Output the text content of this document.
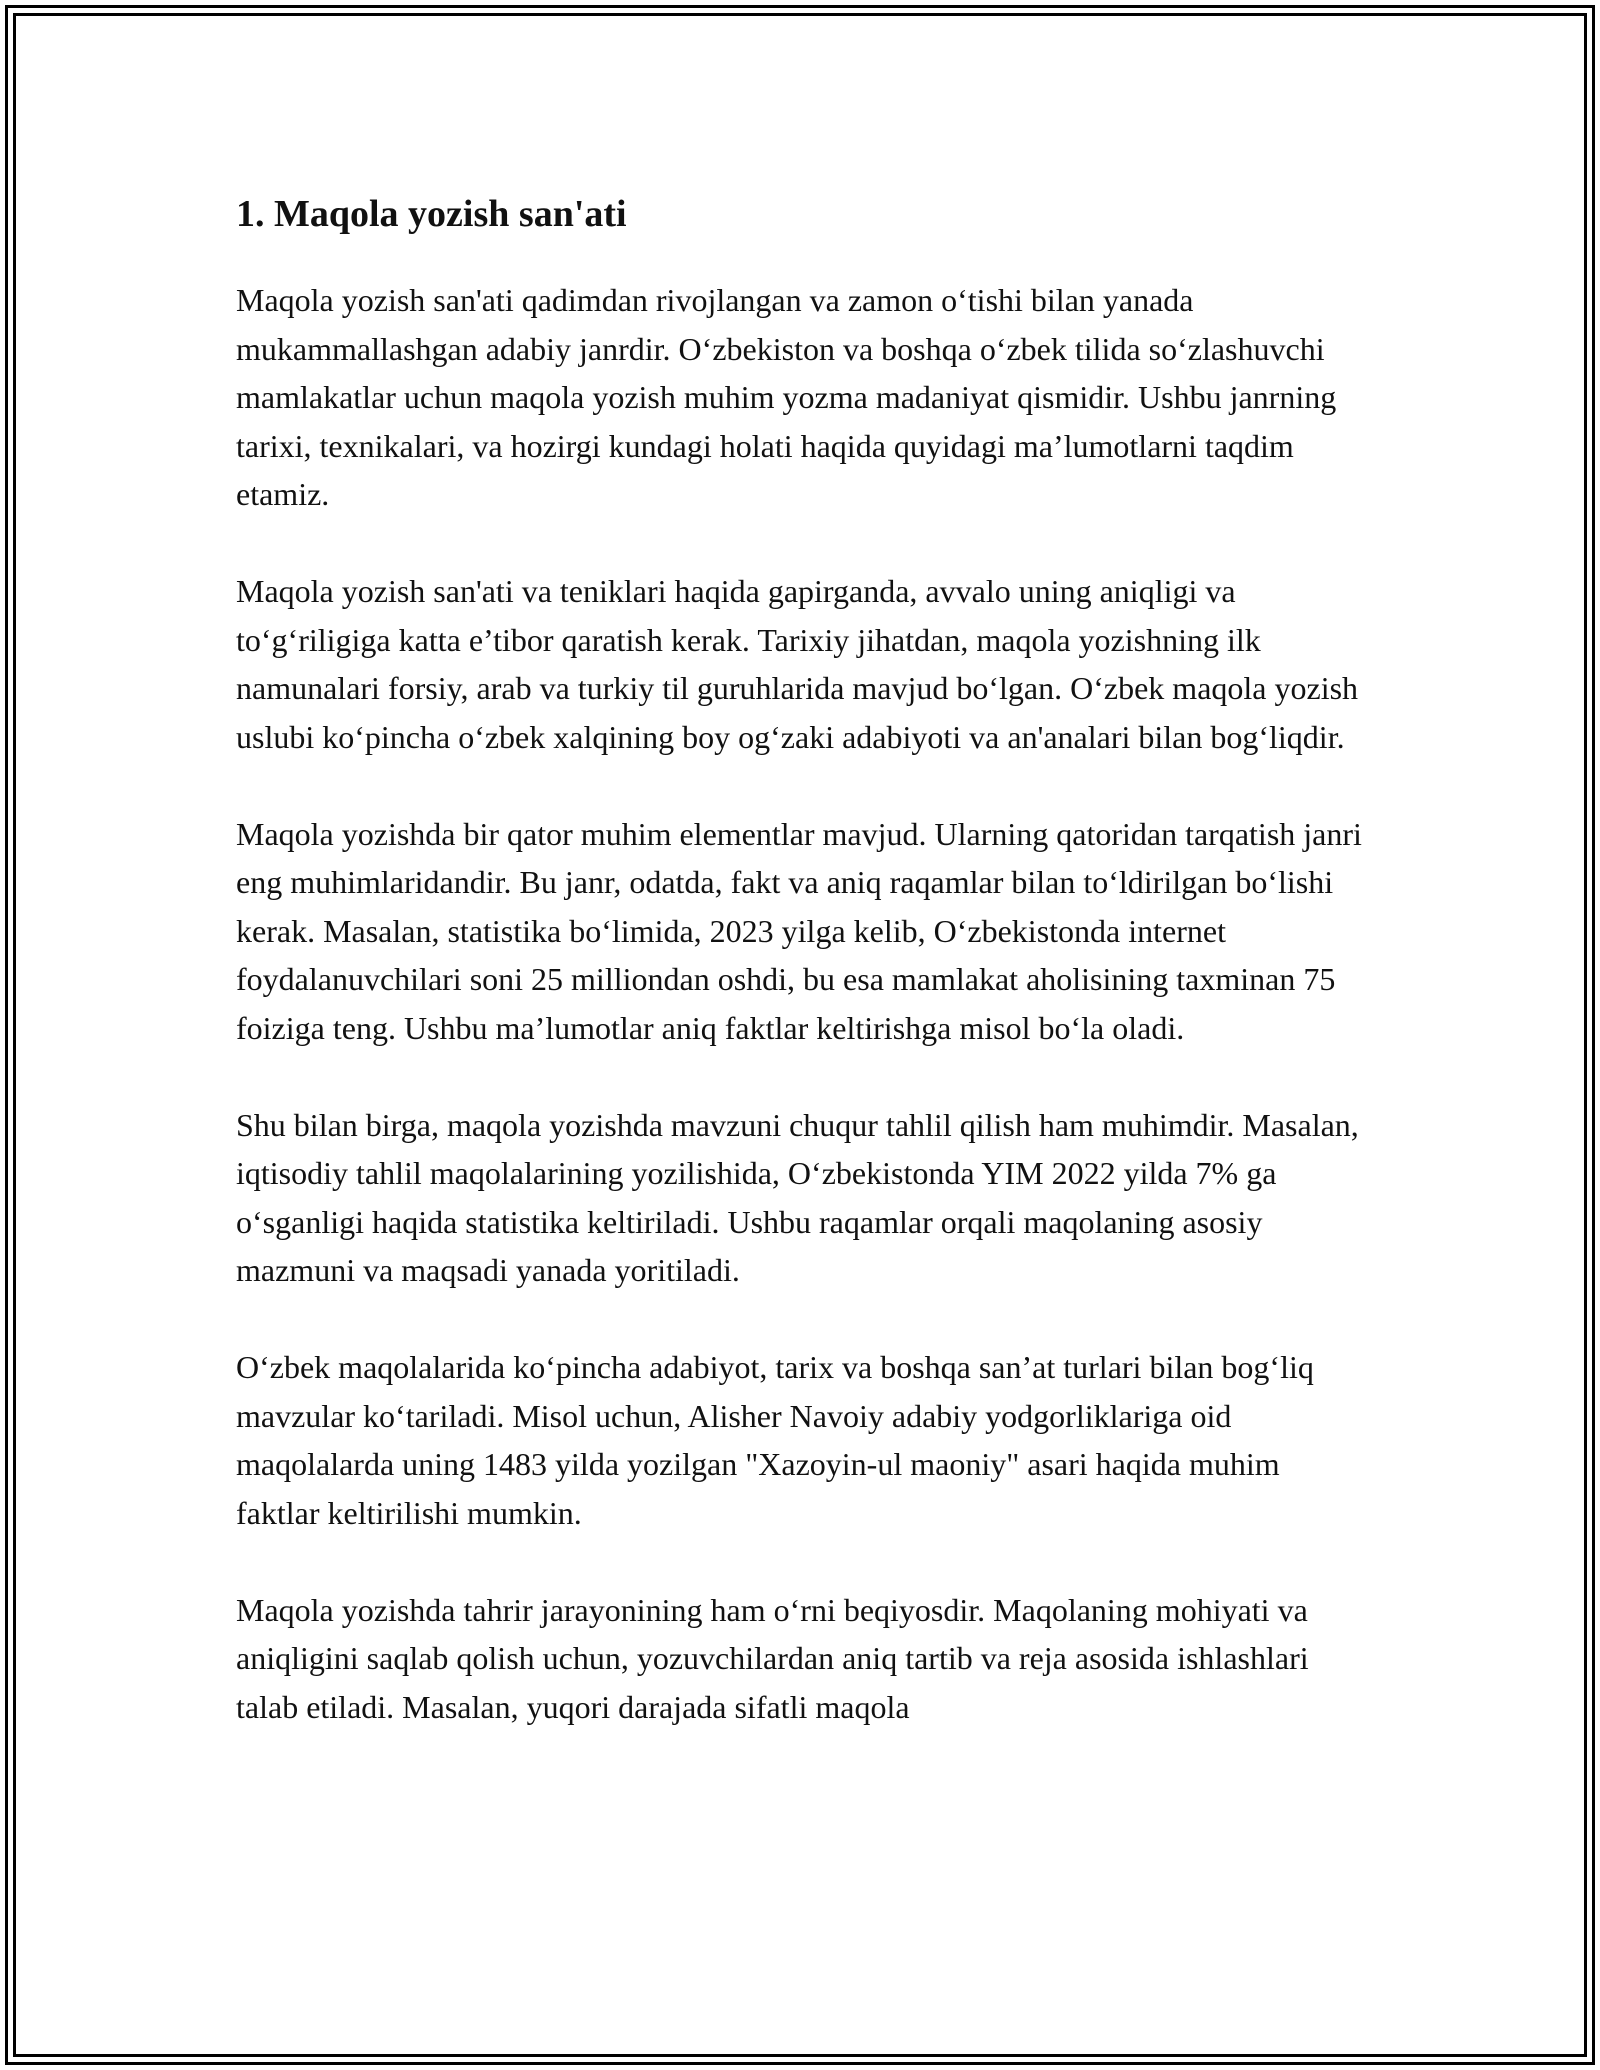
1. Maqola yozish san'ati

Maqola yozish san'ati qadimdan rivojlangan va zamon o‘tishi bilan yanada mukammallashgan adabiy janrdir. O‘zbekiston va boshqa o‘zbek tilida so‘zlashuvchi mamlakatlar uchun maqola yozish muhim yozma madaniyat qismidir. Ushbu janrning tarixi, texnikalari, va hozirgi kundagi holati haqida quyidagi ma’lumotlarni taqdim etamiz.

Maqola yozish san'ati va teniklari haqida gapirganda, avvalo uning aniqligi va to‘g‘riligiga katta e’tibor qaratish kerak. Tarixiy jihatdan, maqola yozishning ilk namunalari forsiy, arab va turkiy til guruhlarida mavjud bo‘lgan. O‘zbek maqola yozish uslubi ko‘pincha o‘zbek xalqining boy og‘zaki adabiyoti va an'analari bilan bog‘liqdir.

Maqola yozishda bir qator muhim elementlar mavjud. Ularning qatoridan tarqatish janri eng muhimlaridandir. Bu janr, odatda, fakt va aniq raqamlar bilan to‘ldirilgan bo‘lishi kerak. Masalan, statistika bo‘limida, 2023 yilga kelib, O‘zbekistonda internet foydalanuvchilari soni 25 milliondan oshdi, bu esa mamlakat aholisining taxminan 75 foiziga teng. Ushbu ma’lumotlar aniq faktlar keltirishga misol bo‘la oladi.

Shu bilan birga, maqola yozishda mavzuni chuqur tahlil qilish ham muhimdir. Masalan, iqtisodiy tahlil maqolalarining yozilishida, O‘zbekistonda YIM 2022 yilda 7% ga o‘sganligi haqida statistika keltiriladi. Ushbu raqamlar orqali maqolaning asosiy mazmuni va maqsadi yanada yoritiladi.

O‘zbek maqolalarida ko‘pincha adabiyot, tarix va boshqa san’at turlari bilan bog‘liq mavzular ko‘tariladi. Misol uchun, Alisher Navoiy adabiy yodgorliklariga oid maqolalarda uning 1483 yilda yozilgan "Xazoyin-ul maoniy" asari haqida muhim faktlar keltirilishi mumkin.

Maqola yozishda tahrir jarayonining ham o‘rni beqiyosdir. Maqolaning mohiyati va aniqligini saqlab qolish uchun, yozuvchilardan aniq tartib va reja asosida ishlashlari talab etiladi. Masalan, yuqori darajada sifatli maqola
